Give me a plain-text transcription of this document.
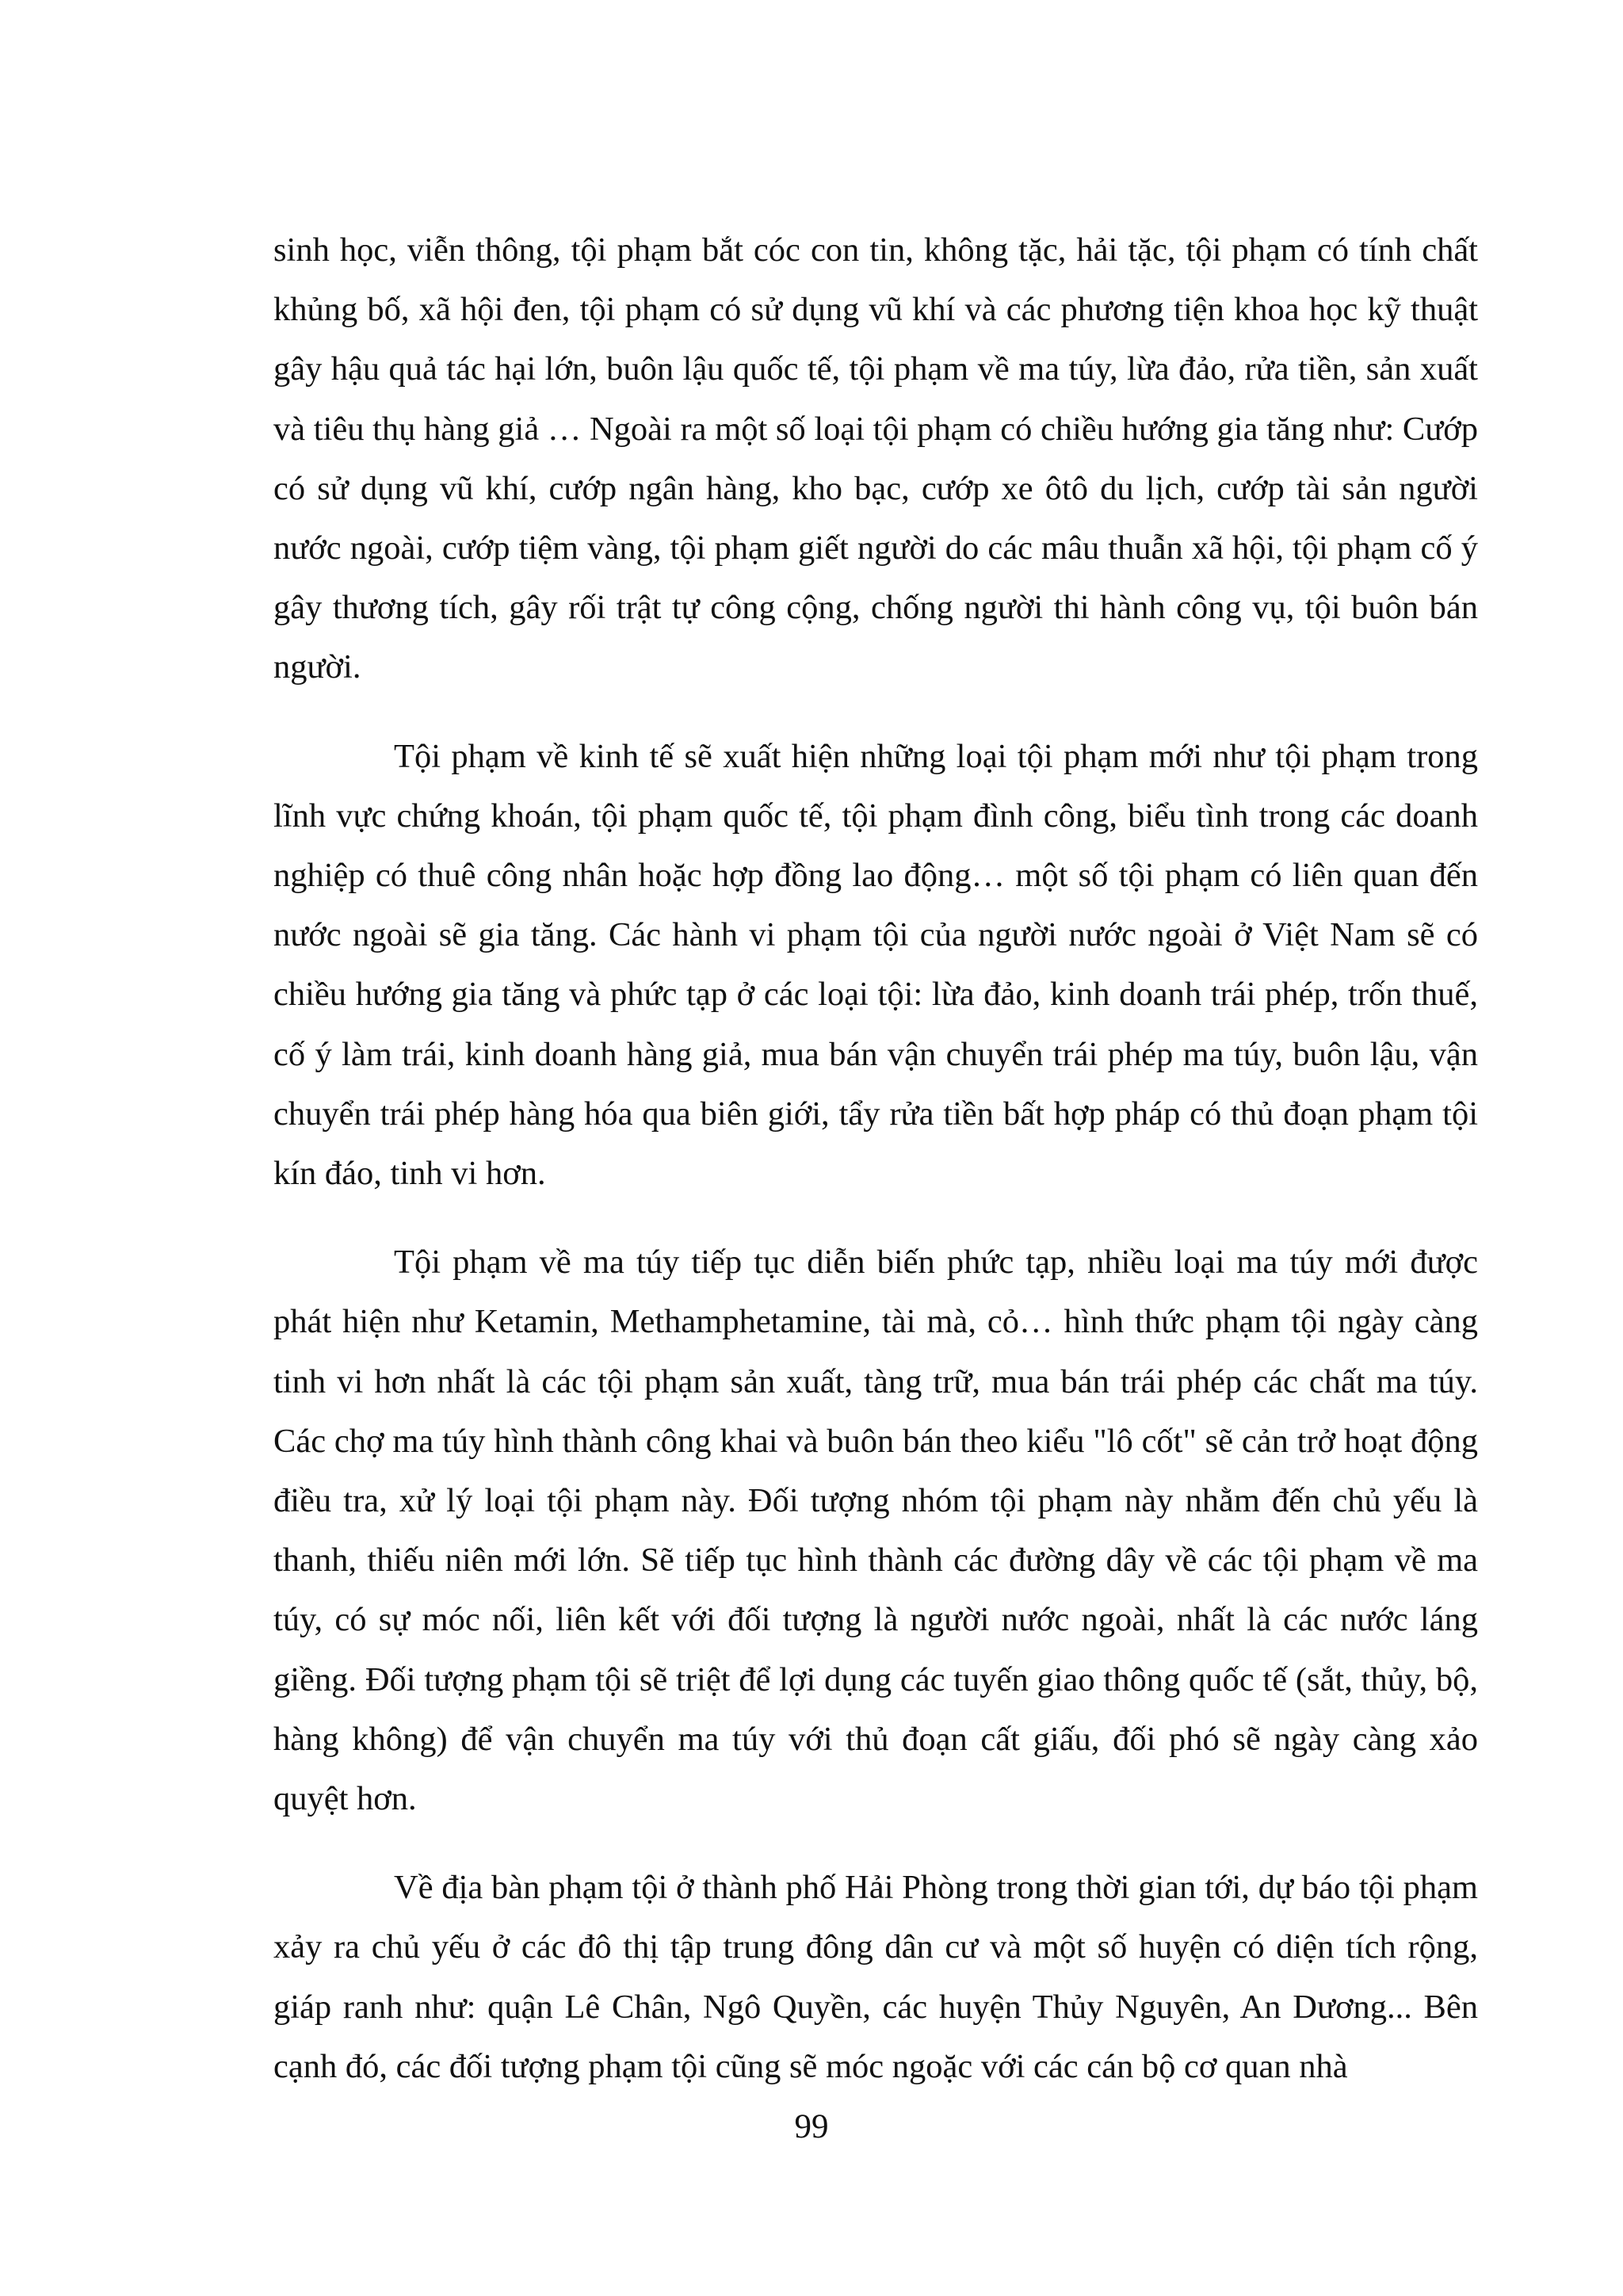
sinh học, viễn thông, tội phạm bắt cóc con tin, không tặc, hải tặc, tội phạm có tính chất khủng bố, xã hội đen, tội phạm có sử dụng vũ khí và các phương tiện khoa học kỹ thuật gây hậu quả tác hại lớn, buôn lậu quốc tế, tội phạm về ma túy, lừa đảo, rửa tiền, sản xuất và tiêu thụ hàng giả … Ngoài ra một số loại tội phạm có chiều hướng gia tăng như: Cướp có sử dụng vũ khí, cướp ngân hàng, kho bạc, cướp xe ôtô du lịch, cướp tài sản người nước ngoài, cướp tiệm vàng, tội phạm giết người do các mâu thuẫn xã hội, tội phạm cố ý gây thương tích, gây rối trật tự công cộng, chống người thi hành công vụ, tội buôn bán người.

Tội phạm về kinh tế sẽ xuất hiện những loại tội phạm mới như tội phạm trong lĩnh vực chứng khoán, tội phạm quốc tế, tội phạm đình công, biểu tình trong các doanh nghiệp có thuê công nhân hoặc hợp đồng lao động… một số tội phạm có liên quan đến nước ngoài sẽ gia tăng. Các hành vi phạm tội của người nước ngoài ở Việt Nam sẽ có chiều hướng gia tăng và phức tạp ở các loại tội: lừa đảo, kinh doanh trái phép, trốn thuế, cố ý làm trái, kinh doanh hàng giả, mua bán vận chuyển trái phép ma túy, buôn lậu, vận chuyển trái phép hàng hóa qua biên giới, tẩy rửa tiền bất hợp pháp có thủ đoạn phạm tội kín đáo, tinh vi hơn.

Tội phạm về ma túy tiếp tục diễn biến phức tạp, nhiều loại ma túy mới được phát hiện như Ketamin, Methamphetamine, tài mà, cỏ… hình thức phạm tội ngày càng tinh vi hơn nhất là các tội phạm sản xuất, tàng trữ, mua bán trái phép các chất ma túy. Các chợ ma túy hình thành công khai và buôn bán theo kiểu "lô cốt" sẽ cản trở hoạt động điều tra, xử lý loại tội phạm này. Đối tượng nhóm tội phạm này nhằm đến chủ yếu là thanh, thiếu niên mới lớn. Sẽ tiếp tục hình thành các đường dây về các tội phạm về ma túy, có sự móc nối, liên kết với đối tượng là người nước ngoài, nhất là các nước láng giềng. Đối tượng phạm tội sẽ triệt để lợi dụng các tuyến giao thông quốc tế (sắt, thủy, bộ, hàng không) để vận chuyển ma túy với thủ đoạn cất giấu, đối phó sẽ ngày càng xảo quyệt hơn.

Về địa bàn phạm tội ở thành phố Hải Phòng trong thời gian tới, dự báo tội phạm xảy ra chủ yếu ở các đô thị tập trung đông dân cư và một số huyện có diện tích rộng, giáp ranh như: quận Lê Chân, Ngô Quyền, các huyện Thủy Nguyên, An Dương... Bên cạnh đó, các đối tượng phạm tội cũng sẽ móc ngoặc với các cán bộ cơ quan nhà

99
